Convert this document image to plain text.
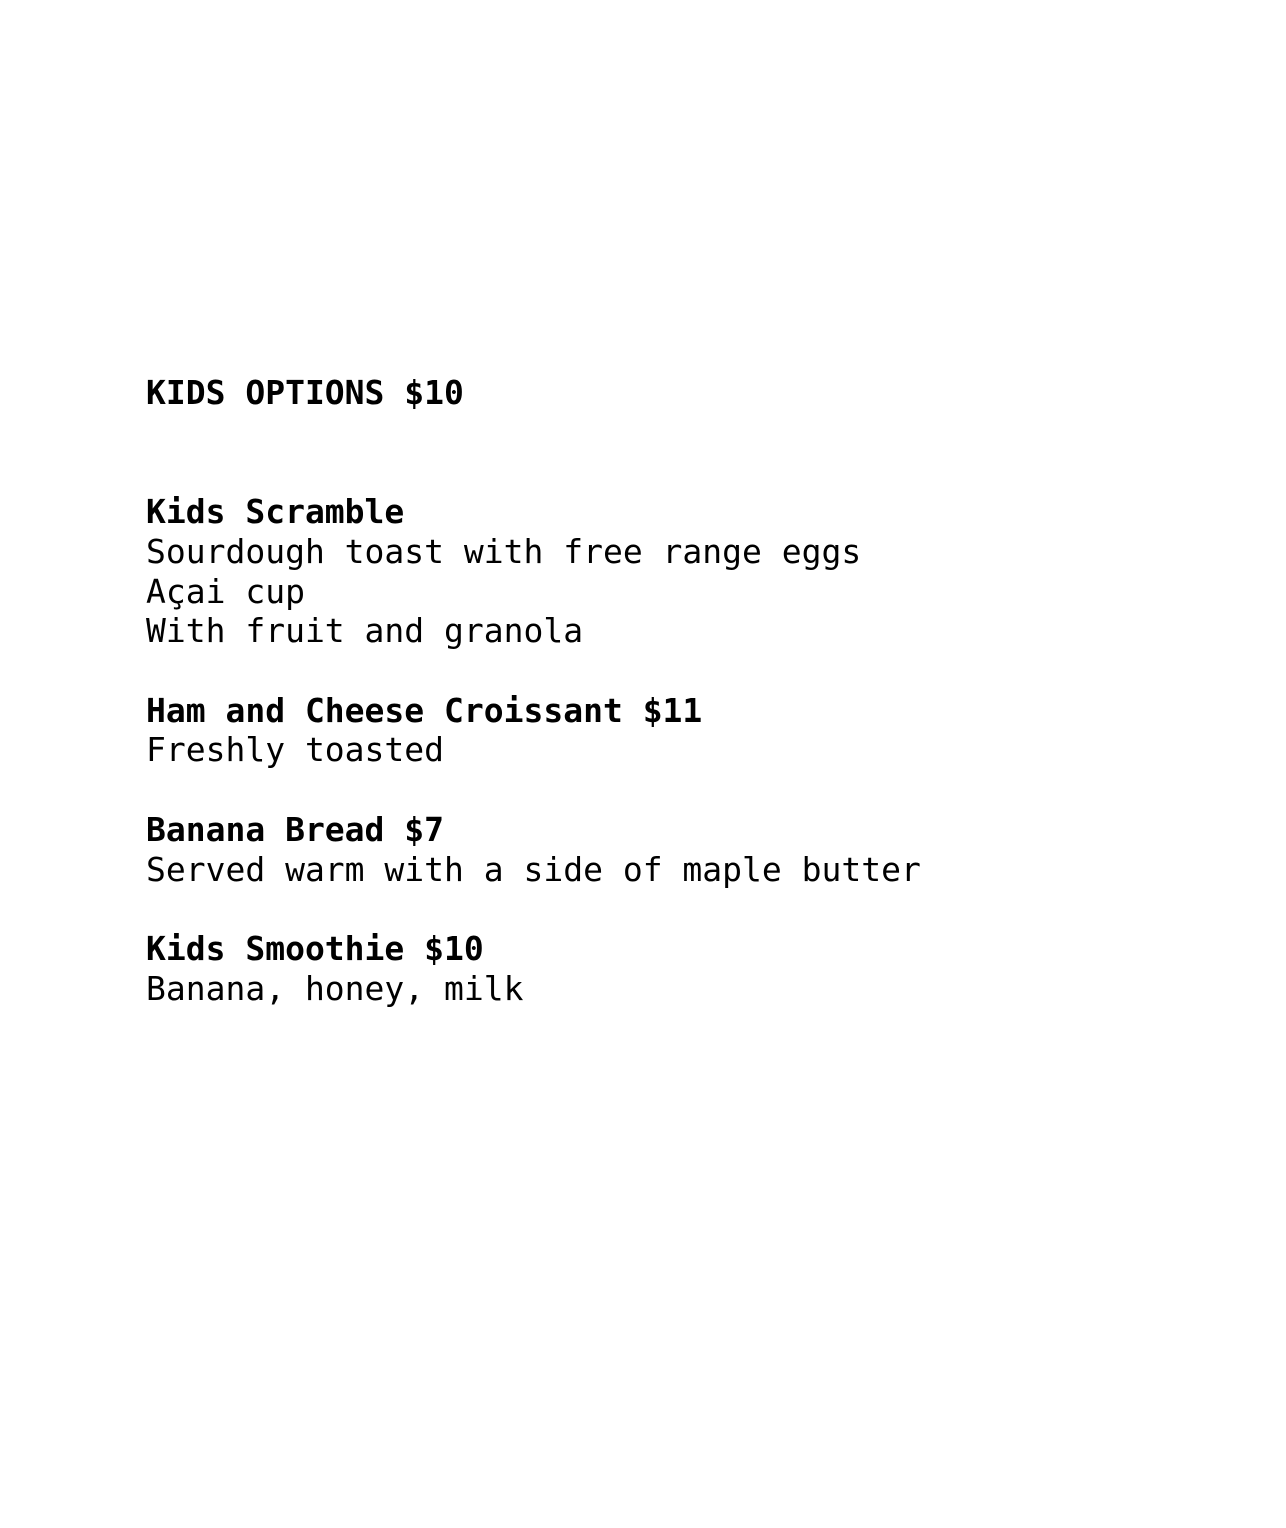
KIDS OPTIONS $10
Kids Scramble
Sourdough toast with free range eggs
Açai cup
With fruit and granola
Ham and Cheese Croissant $11
Freshly toasted
Banana Bread $7
Served warm with a side of maple butter
Kids Smoothie $10
Banana, honey, milk
